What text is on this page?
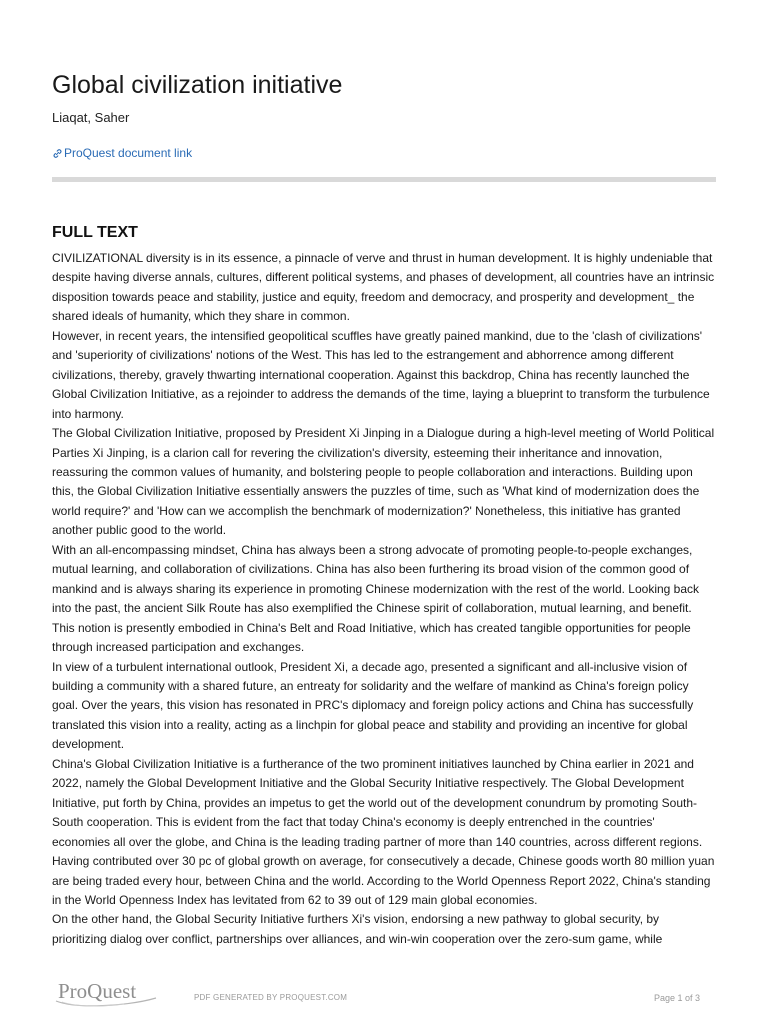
Global civilization initiative
Liaqat, Saher
ProQuest document link
FULL TEXT

CIVILIZATIONAL diversity is in its essence, a pinnacle of verve and thrust in human development. It is highly undeniable that despite having diverse annals, cultures, different political systems, and phases of development, all countries have an intrinsic disposition towards peace and stability, justice and equity, freedom and democracy, and prosperity and development_ the shared ideals of humanity, which they share in common.

However, in recent years, the intensified geopolitical scuffles have greatly pained mankind, due to the 'clash of civilizations' and 'superiority of civilizations' notions of the West. This has led to the estrangement and abhorrence among different civilizations, thereby, gravely thwarting international cooperation. Against this backdrop, China has recently launched the Global Civilization Initiative, as a rejoinder to address the demands of the time, laying a blueprint to transform the turbulence into harmony.

The Global Civilization Initiative, proposed by President Xi Jinping in a Dialogue during a high-level meeting of World Political Parties Xi Jinping, is a clarion call for revering the civilization's diversity, esteeming their inheritance and innovation, reassuring the common values of humanity, and bolstering people to people collaboration and interactions. Building upon this, the Global Civilization Initiative essentially answers the puzzles of time, such as 'What kind of modernization does the world require?' and 'How can we accomplish the benchmark of modernization?' Nonetheless, this initiative has granted another public good to the world.

With an all-encompassing mindset, China has always been a strong advocate of promoting people-to-people exchanges, mutual learning, and collaboration of civilizations. China has also been furthering its broad vision of the common good of mankind and is always sharing its experience in promoting Chinese modernization with the rest of the world. Looking back into the past, the ancient Silk Route has also exemplified the Chinese spirit of collaboration, mutual learning, and benefit. This notion is presently embodied in China's Belt and Road Initiative, which has created tangible opportunities for people through increased participation and exchanges.

In view of a turbulent international outlook, President Xi, a decade ago, presented a significant and all-inclusive vision of building a community with a shared future, an entreaty for solidarity and the welfare of mankind as China's foreign policy goal. Over the years, this vision has resonated in PRC's diplomacy and foreign policy actions and China has successfully translated this vision into a reality, acting as a linchpin for global peace and stability and providing an incentive for global development.

China's Global Civilization Initiative is a furtherance of the two prominent initiatives launched by China earlier in 2021 and 2022, namely the Global Development Initiative and the Global Security Initiative respectively. The Global Development Initiative, put forth by China, provides an impetus to get the world out of the development conundrum by promoting South-South cooperation. This is evident from the fact that today China's economy is deeply entrenched in the countries' economies all over the globe, and China is the leading trading partner of more than 140 countries, across different regions. Having contributed over 30 pc of global growth on average, for consecutively a decade, Chinese goods worth 80 million yuan are being traded every hour, between China and the world. According to the World Openness Report 2022, China's standing in the World Openness Index has levitated from 62 to 39 out of 129 main global economies.

On the other hand, the Global Security Initiative furthers Xi's vision, endorsing a new pathway to global security, by prioritizing dialog over conflict, partnerships over alliances, and win-win cooperation over the zero-sum game, while

ProQuest	PDF GENERATED BY PROQUEST.COM	Page 1 of 3
